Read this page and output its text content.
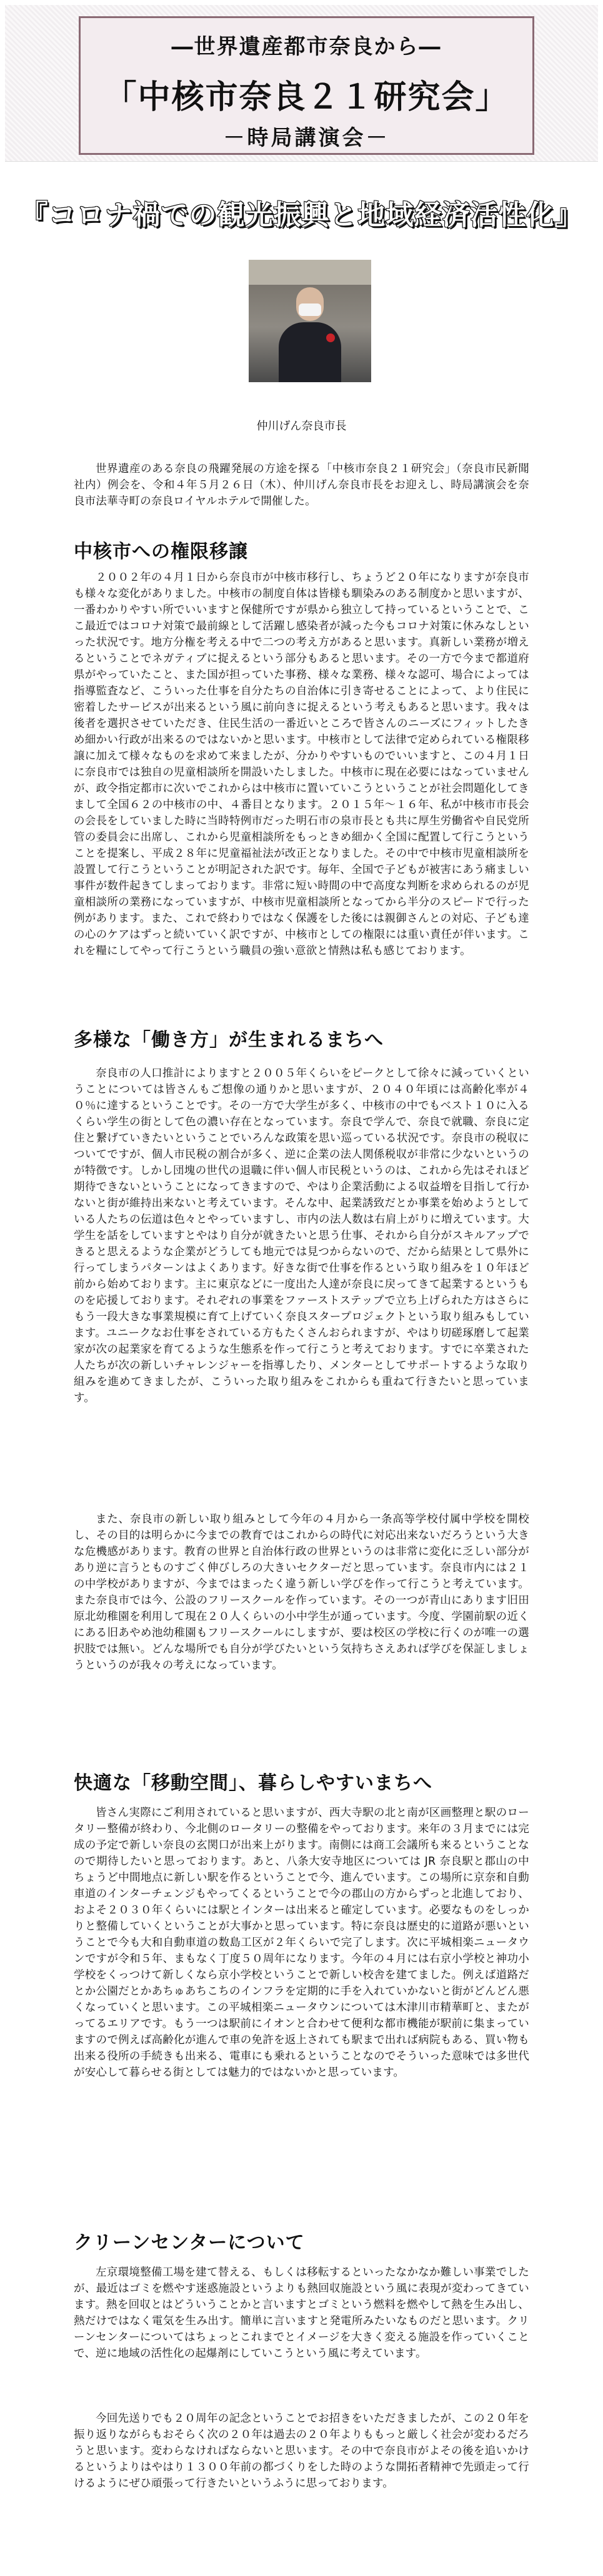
―世界遺産都市奈良から―
「中核市奈良２１研究会」
－時局講演会－
『コロナ禍での観光振興と地域経済活性化』
仲川げん奈良市長
世界遺産のある奈良の飛躍発展の方途を探る「中核市奈良２１研究会」（奈良市民新聞社内）例会を、令和４年５月２６日（木）、仲川げん奈良市長をお迎えし、時局講演会を奈良市法華寺町の奈良ロイヤルホテルで開催した。
中核市への権限移譲
２００２年の４月１日から奈良市が中核市移行し、ちょうど２０年になりますが奈良市も様々な変化がありました。中核市の制度自体は皆様も馴染みのある制度かと思いますが、一番わかりやすい所でいいますと保健所ですが県から独立して持っているということで、ここ最近ではコロナ対策で最前線として活躍し感染者が減った今もコロナ対策に休みなしといった状況です。地方分権を考える中で二つの考え方があると思います。真新しい業務が増えるということでネガティブに捉えるという部分もあると思います。その一方で今まで都道府県がやっていたこと、また国が担っていた事務、様々な業務、様々な認可、場合によっては指導監査など、こういった仕事を自分たちの自治体に引き寄せることによって、より住民に密着したサービスが出来るという風に前向きに捉えるという考えもあると思います。我々は後者を選択させていただき、住民生活の一番近いところで皆さんのニーズにフィットしたきめ細かい行政が出来るのではないかと思います。中核市として法律で定められている権限移譲に加えて様々なものを求めて来ましたが、分かりやすいものでいいますと、この４月１日に奈良市では独自の児童相談所を開設いたしました。中核市に現在必要にはなっていませんが、政令指定都市に次いでこれからは中核市に置いていこうということが社会問題化してきまして全国６２の中核市の中、４番目となります。２０１５年～１６年、私が中核市市長会の会長をしていました時に当時特例市だった明石市の泉市長とも共に厚生労働省や自民党所管の委員会に出席し、これから児童相談所をもっときめ細かく全国に配置して行こうということを提案し、平成２８年に児童福祉法が改正となりました。その中で中核市児童相談所を設置して行こうということが明記された訳です。毎年、全国で子どもが被害にあう痛ましい事件が数件起きてしまっております。非常に短い時間の中で高度な判断を求められるのが児童相談所の業務になっていますが、中核市児童相談所となってから半分のスピードで行った例があります。また、これで終わりではなく保護をした後には親御さんとの対応、子ども達の心のケアはずっと続いていく訳ですが、中核市としての権限には重い責任が伴います。これを糧にしてやって行こうという職員の強い意欲と情熱は私も感じております。
多様な「働き方」が生まれるまちへ
奈良市の人口推計によりますと２００５年くらいをピークとして徐々に減っていくということについては皆さんもご想像の通りかと思いますが、２０４０年頃には高齢化率が４０％に達するということです。その一方で大学生が多く、中核市の中でもベスト１０に入るくらい学生の街として色の濃い存在となっています。奈良で学んで、奈良で就職、奈良に定住と繋げていきたいということでいろんな政策を思い巡っている状況です。奈良市の税収についてですが、個人市民税の割合が多く、逆に企業の法人関係税収が非常に少ないというのが特徴です。しかし団塊の世代の退職に伴い個人市民税というのは、これから先はそれほど期待できないということになってきますので、やはり企業活動による収益増を目指して行かないと街が維持出来ないと考えています。そんな中、起業誘致だとか事業を始めようとしている人たちの伝道は色々とやっていますし、市内の法人数は右肩上がりに増えています。大学生を話をしていますとやはり自分が就きたいと思う仕事、それから自分がスキルアップできると思えるような企業がどうしても地元では見つからないので、だから結果として県外に行ってしまうパターンはよくあります。好きな街で仕事を作るという取り組みを１０年ほど前から始めております。主に東京などに一度出た人達が奈良に戻ってきて起業するというものを応援しております。それぞれの事業をファーストステップで立ち上げられた方はさらにもう一段大きな事業規模に育て上げていく奈良スタープロジェクトという取り組みもしています。ユニークなお仕事をされている方もたくさんおられますが、やはり切磋琢磨して起業家が次の起業家を育てるような生態系を作って行こうと考えております。すでに卒業された人たちが次の新しいチャレンジャーを指導したり、メンターとしてサポートするような取り組みを進めてきましたが、こういった取り組みをこれからも重ねて行きたいと思っています。
また、奈良市の新しい取り組みとして今年の４月から一条高等学校付属中学校を開校し、その目的は明らかに今までの教育ではこれからの時代に対応出来ないだろうという大きな危機感があります。教育の世界と自治体行政の世界というのは非常に変化に乏しい部分があり逆に言うとものすごく伸びしろの大きいセクターだと思っています。奈良市内には２１の中学校がありますが、今まではまったく違う新しい学びを作って行こうと考えています。また奈良市では今、公設のフリースクールを作っています。その一つが青山にあります旧田原北幼稚園を利用して現在２０人くらいの小中学生が通っています。今度、学園前駅の近くにある旧あやめ池幼稚園もフリースクールにしますが、要は校区の学校に行くのが唯一の選択肢では無い。どんな場所でも自分が学びたいという気持ちさえあれば学びを保証しましょうというのが我々の考えになっています。
快適な「移動空間」、暮らしやすいまちへ
皆さん実際にご利用されていると思いますが、西大寺駅の北と南が区画整理と駅のロータリー整備が終わり、今北側のロータリーの整備をやっております。来年の３月までには完成の予定で新しい奈良の玄関口が出来上がります。南側には商工会議所も来るということなので期待したいと思っております。あと、八条大安寺地区については JR 奈良駅と郡山の中ちょうど中間地点に新しい駅を作るということで今、進んでいます。この場所に京奈和自動車道のインターチェンジもやってくるということで今の郡山の方からずっと北進しており、およそ２０３０年くらいには駅とインターは出来ると確定しています。必要なものをしっかりと整備していくということが大事かと思っています。特に奈良は歴史的に道路が悪いということで今も大和自動車道の数島工区が２年くらいで完了します。次に平城相楽ニュータウンですが令和５年、まもなく丁度５０周年になります。今年の４月には右京小学校と神功小学校をくっつけて新しくなら京小学校ということで新しい校舎を建てました。例えば道路だとか公園だとかあちゅあちこちのインフラを定期的に手を入れていかないと街がどんどん悪くなっていくと思います。この平城相楽ニュータウンについては木津川市精華町と、またがってるエリアです。もう一つは駅前にイオンと合わせて便利な都市機能が駅前に集まっていますので例えば高齢化が進んで車の免許を返上されても駅まで出れば病院もある、買い物も出来る役所の手続きも出来る、電車にも乗れるということなのでそういった意味では多世代が安心して暮らせる街としては魅力的ではないかと思っています。
クリーンセンターについて
左京環境整備工場を建て替える、もしくは移転するといったなかなか難しい事業でしたが、最近はゴミを燃やす迷惑施設というよりも熱回収施設という風に表現が変わってきています。熱を回収とはどういうことかと言いますとゴミという燃料を燃やして熱を生み出し、熱だけではなく電気を生み出す。簡単に言いますと発電所みたいなものだと思います。クリーンセンターについてはちょっとこれまでとイメージを大きく変える施設を作っていくことで、逆に地域の活性化の起爆剤にしていこうという風に考えています。
今回先送りでも２０周年の記念ということでお招きをいただきましたが、この２０年を振り返りながらもおそらく次の２０年は過去の２０年よりももっと厳しく社会が変わるだろうと思います。変わらなければならないと思います。その中で奈良市がよその後を追いかけるというよりはやはり１３００年前の都づくりをした時のような開拓者精神で先頭走って行けるようにぜひ頑張って行きたいというふうに思っております。
